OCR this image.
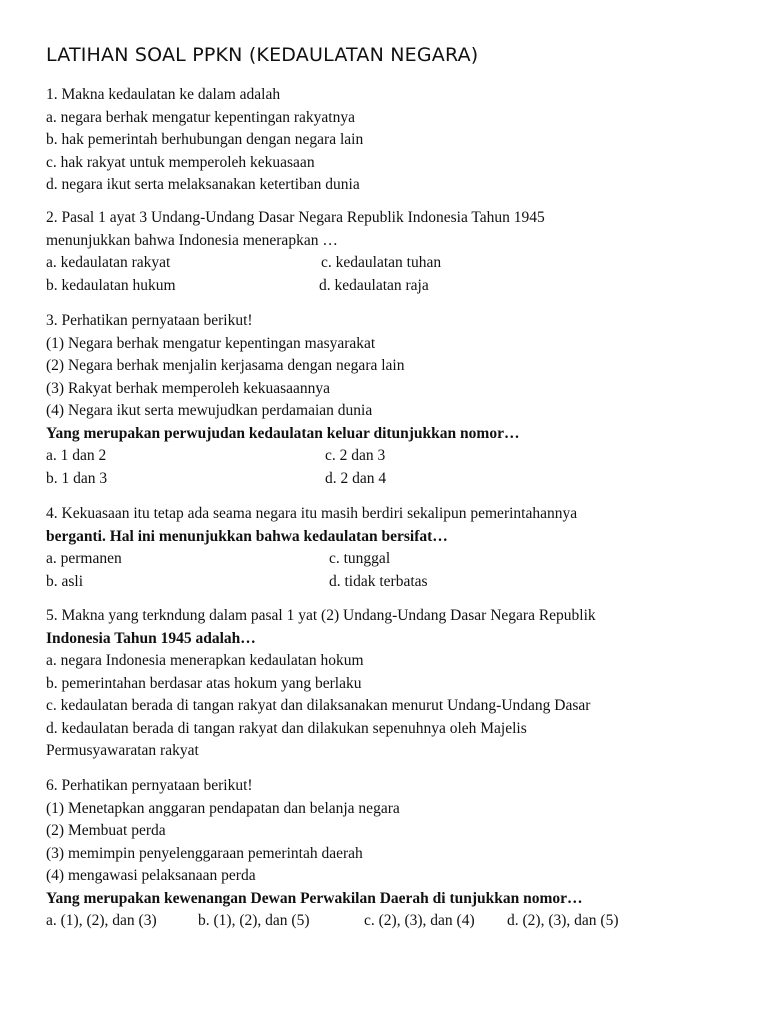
LATIHAN SOAL PPKN (KEDAULATAN NEGARA)
1. Makna kedaulatan ke dalam adalah
a. negara berhak mengatur kepentingan rakyatnya
b. hak pemerintah berhubungan dengan negara lain
c. hak rakyat untuk memperoleh kekuasaan
d. negara ikut serta melaksanakan ketertiban dunia
2. Pasal 1 ayat 3 Undang-Undang Dasar Negara Republik Indonesia Tahun 1945
menunjukkan bahwa Indonesia menerapkan …
a. kedaulatan rakyat	c. kedaulatan tuhan
b. kedaulatan hukum	d. kedaulatan raja
3. Perhatikan pernyataan berikut!
(1) Negara berhak mengatur kepentingan masyarakat
(2) Negara berhak menjalin kerjasama dengan negara lain
(3) Rakyat berhak memperoleh kekuasaannya
(4) Negara ikut serta mewujudkan perdamaian dunia
Yang merupakan perwujudan kedaulatan keluar ditunjukkan nomor…
a. 1 dan 2	c. 2 dan 3
b. 1 dan 3	d. 2 dan 4
4. Kekuasaan itu tetap ada seama negara itu masih berdiri sekalipun pemerintahannya
berganti. Hal ini menunjukkan bahwa kedaulatan bersifat…
a. permanen	c. tunggal
b. asli	d. tidak terbatas
5. Makna yang terkndung dalam pasal 1 yat (2) Undang-Undang Dasar Negara Republik
Indonesia Tahun 1945 adalah…
a. negara Indonesia menerapkan kedaulatan hokum
b. pemerintahan berdasar atas hokum yang berlaku
c. kedaulatan berada di tangan rakyat dan dilaksanakan menurut Undang-Undang Dasar
d. kedaulatan berada di tangan rakyat dan dilakukan sepenuhnya oleh Majelis
Permusyawaratan rakyat
6. Perhatikan pernyataan berikut!
(1) Menetapkan anggaran pendapatan dan belanja negara
(2) Membuat perda
(3) memimpin penyelenggaraan pemerintah daerah
(4) mengawasi pelaksanaan perda
Yang merupakan kewenangan Dewan Perwakilan Daerah di tunjukkan nomor…
a. (1), (2), dan (3)	b. (1), (2), dan (5)	c. (2), (3), dan (4) d. (2), (3), dan (5)
